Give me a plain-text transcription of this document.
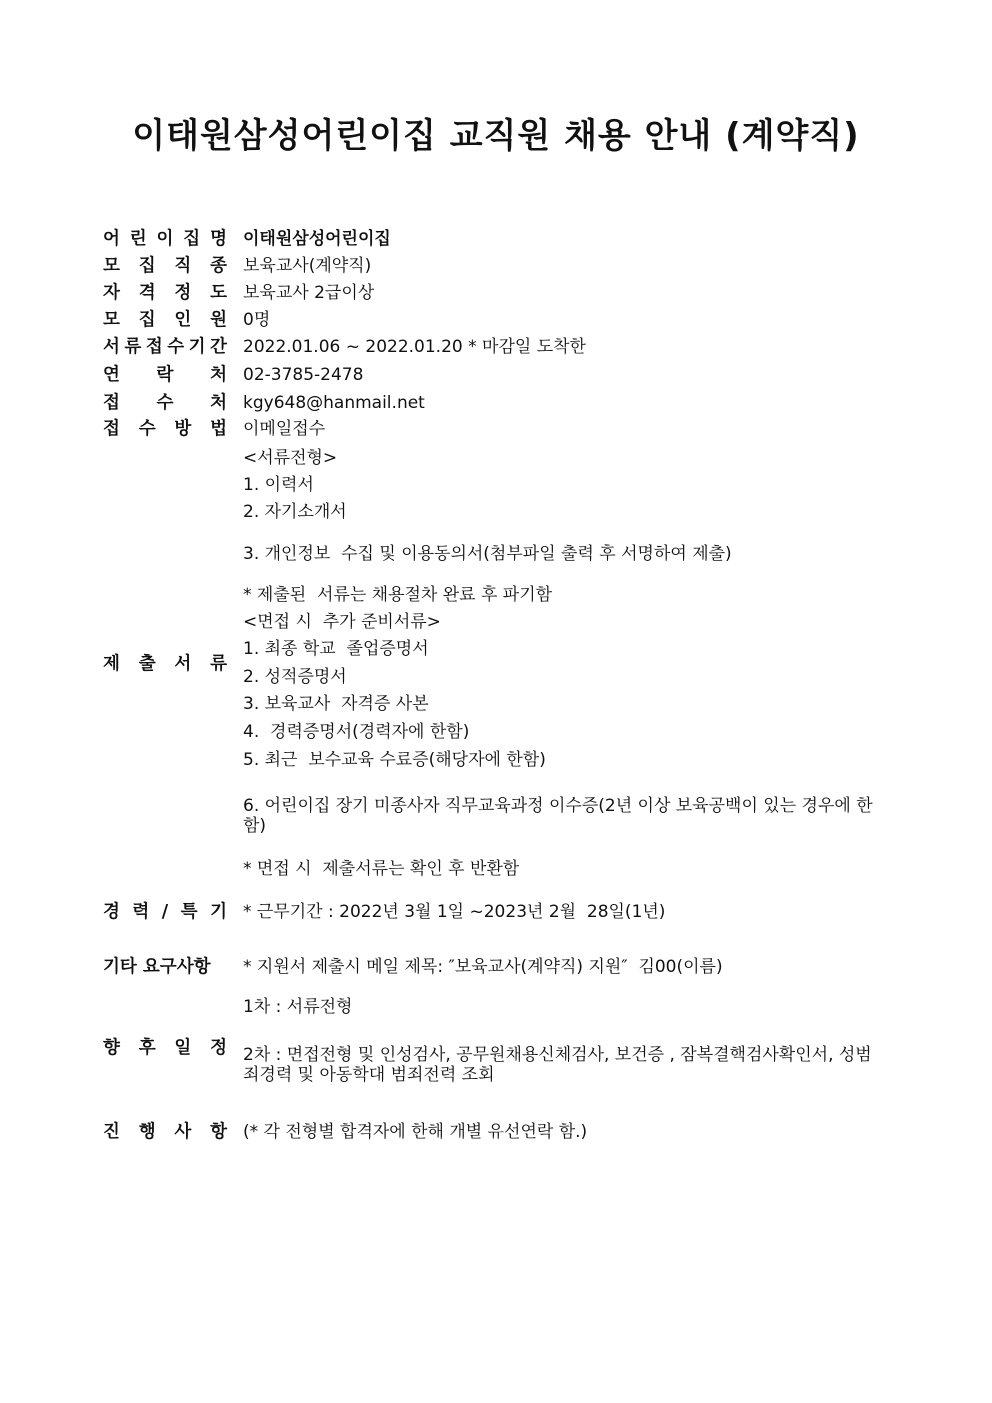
이태원삼성어린이집 교직원 채용 안내 (계약직)
어 린 이 집 명 이태원삼성어린이집
모 집 직 종 보육교사(계약직)
자 격 정 도 보육교사 2급이상
모 집 인 원 0명
서 류 접 수 기 간 2022.01.06 ~ 2022.01.20 * 마감일 도착한
연 락 처 02-3785-2478
접 수 처 kgy648@hanmail.net
접 수 방 법 이메일접수
제 출 서 류
<서류전형>
1. 이력서
2. 자기소개서
3. 개인정보  수집 및 이용동의서(첨부파일 출력 후 서명하여 제출)
* 제출된  서류는 채용절차 완료 후 파기함
<면접 시  추가 준비서류>
1. 최종 학교  졸업증명서
2. 성적증명서
3. 보육교사  자격증 사본
4.  경력증명서(경력자에 한함)
5. 최근  보수교육 수료증(해당자에 한함)
6. 어린이집 장기 미종사자 직무교육과정 이수증(2년 이상 보육공백이 있는 경우에 한함)
* 면접 시  제출서류는 확인 후 반환함
경 력 / 특 기 * 근무기간 : 2022년 3월 1일 ~2023년 2월  28일(1년)
기타 요구사항	* 지원서 제출시 메일 제목: ″보육교사(계약직) 지원″  김00(이름)
향 후 일 정
1차 : 서류전형
2차 : 면접전형 및 인성검사, 공무원채용신체검사, 보건증 , 잠복결핵검사확인서, 성범죄경력 및 아동학대 범죄전력 조회
진 행 사 항 (* 각 전형별 합격자에 한해 개별 유선연락 함.)
